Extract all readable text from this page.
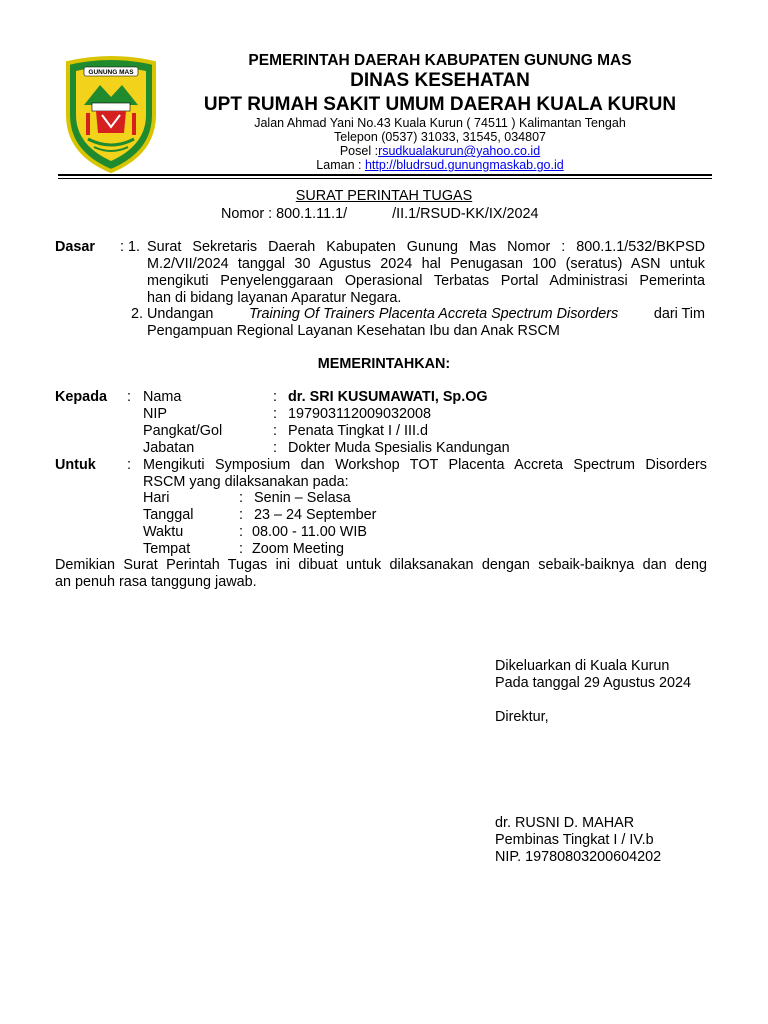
GUNUNG MAS
PEMERINTAH DAERAH KABUPATEN GUNUNG MAS
DINAS KESEHATAN
UPT RUMAH SAKIT UMUM DAERAH KUALA KURUN
Jalan Ahmad Yani No.43 Kuala Kurun ( 74511 ) Kalimantan Tengah
Telepon (0537) 31033, 31545, 034807
Posel :rsudkualakurun@yahoo.co.id
Laman : http://bludrsud.gunungmaskab.go.id
SURAT PERINTAH TUGAS
Nomor : 800.1.11.1/	/II.1/RSUD-KK/IX/2024
Dasar : 1. Surat Sekretaris Daerah Kabupaten Gunung Mas Nomor : 800.1.1/532/BKPSD
M.2/VII/2024 tanggal 30 Agustus 2024 hal Penugasan 100 (seratus) ASN untuk
mengikuti Penyelenggaraan Operasional Terbatas Portal Administrasi Pemerinta
han di bidang layanan Aparatur Negara.
2. Undangan Training Of Trainers Placenta Accreta Spectrum Disorders dari Tim
Pengampuan Regional Layanan Kesehatan Ibu dan Anak RSCM
MEMERINTAHKAN:
Kepada : Nama	: dr. SRI KUSUMAWATI, Sp.OG
NIP	: 197903112009032008
Pangkat/Gol	: Penata Tingkat I / III.d
Jabatan	: Dokter Muda Spesialis Kandungan
Untuk : Mengikuti Symposium dan Workshop TOT Placenta Accreta Spectrum Disorders
RSCM yang dilaksanakan pada:
Hari	: Senin – Selasa
Tanggal	: 23 – 24 September
Waktu	: 08.00 - 11.00 WIB
Tempat	: Zoom Meeting
Demikian Surat Perintah Tugas ini dibuat untuk dilaksanakan dengan sebaik-baiknya dan deng
an penuh rasa tanggung jawab.
Dikeluarkan di Kuala Kurun
Pada tanggal 29 Agustus 2024
Direktur,
dr. RUSNI D. MAHAR
Pembinas Tingkat I / IV.b
NIP. 19780803200604202
